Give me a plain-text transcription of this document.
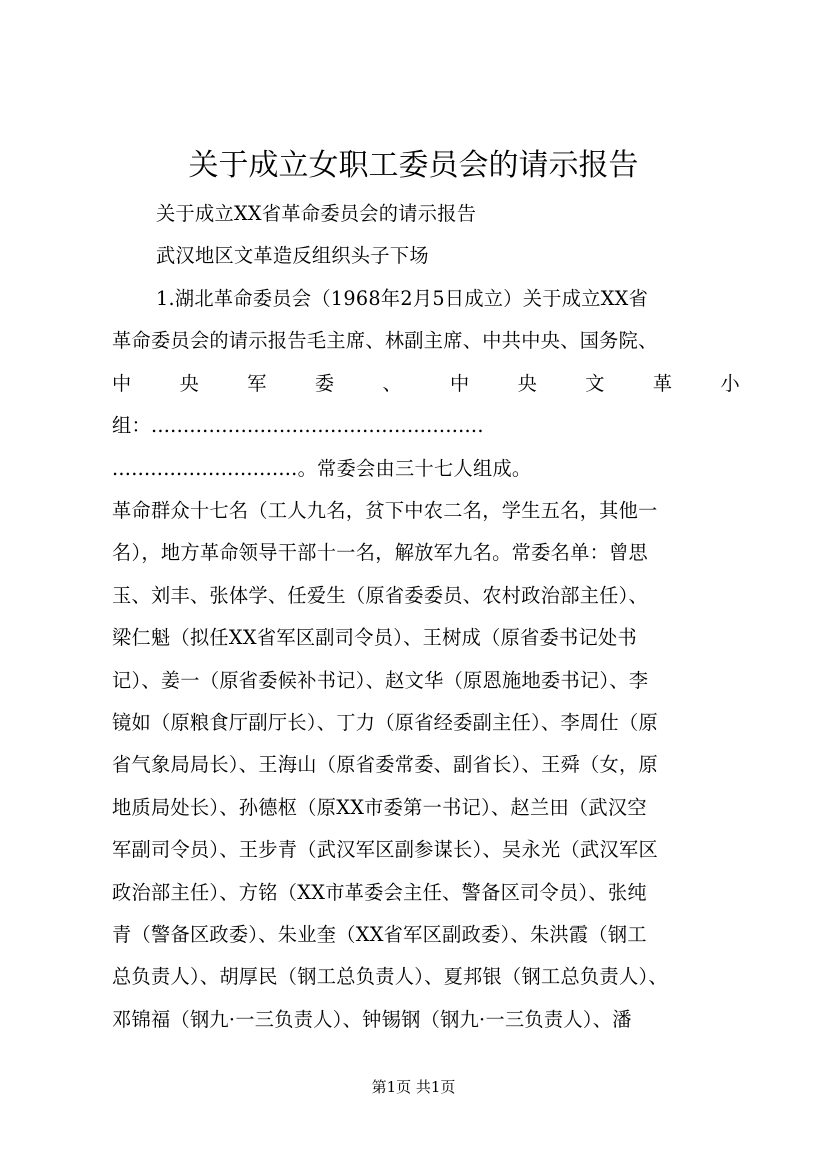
关于成立女职工委员会的请示报告
关于成立XX省革命委员会的请示报告
武汉地区文革造反组织头子下场
1.湖北革命委员会（1968年2月5日成立）关于成立XX省
革命委员会的请示报告毛主席、林副主席、中共中央、国务院、
中	央	军	委	、	中	央	文	革	小
组：....................................................
.............................。常委会由三十七人组成。
革命群众十七名（工人九名，贫下中农二名，学生五名，其他一
名），地方革命领导干部十一名，解放军九名。常委名单：曾思
玉、刘丰、张体学、任爱生（原省委委员、农村政治部主任）、
梁仁魁（拟任XX省军区副司令员）、王树成（原省委书记处书
记）、姜一（原省委候补书记）、赵文华（原恩施地委书记）、李
镜如（原粮食厅副厅长）、丁力（原省经委副主任）、李周仕（原
省气象局局长）、王海山（原省委常委、副省长）、王舜（女，原
地质局处长）、孙德枢（原XX市委第一书记）、赵兰田（武汉空
军副司令员）、王步青（武汉军区副参谋长）、吴永光（武汉军区
政治部主任）、方铭（XX市革委会主任、警备区司令员）、张纯
青（警备区政委）、朱业奎（XX省军区副政委）、朱洪霞（钢工
总负责人）、胡厚民（钢工总负责人）、夏邦银（钢工总负责人）、
邓锦福（钢九·一三负责人）、钟锡钢（钢九·一三负责人）、潘
第1页 共1页
